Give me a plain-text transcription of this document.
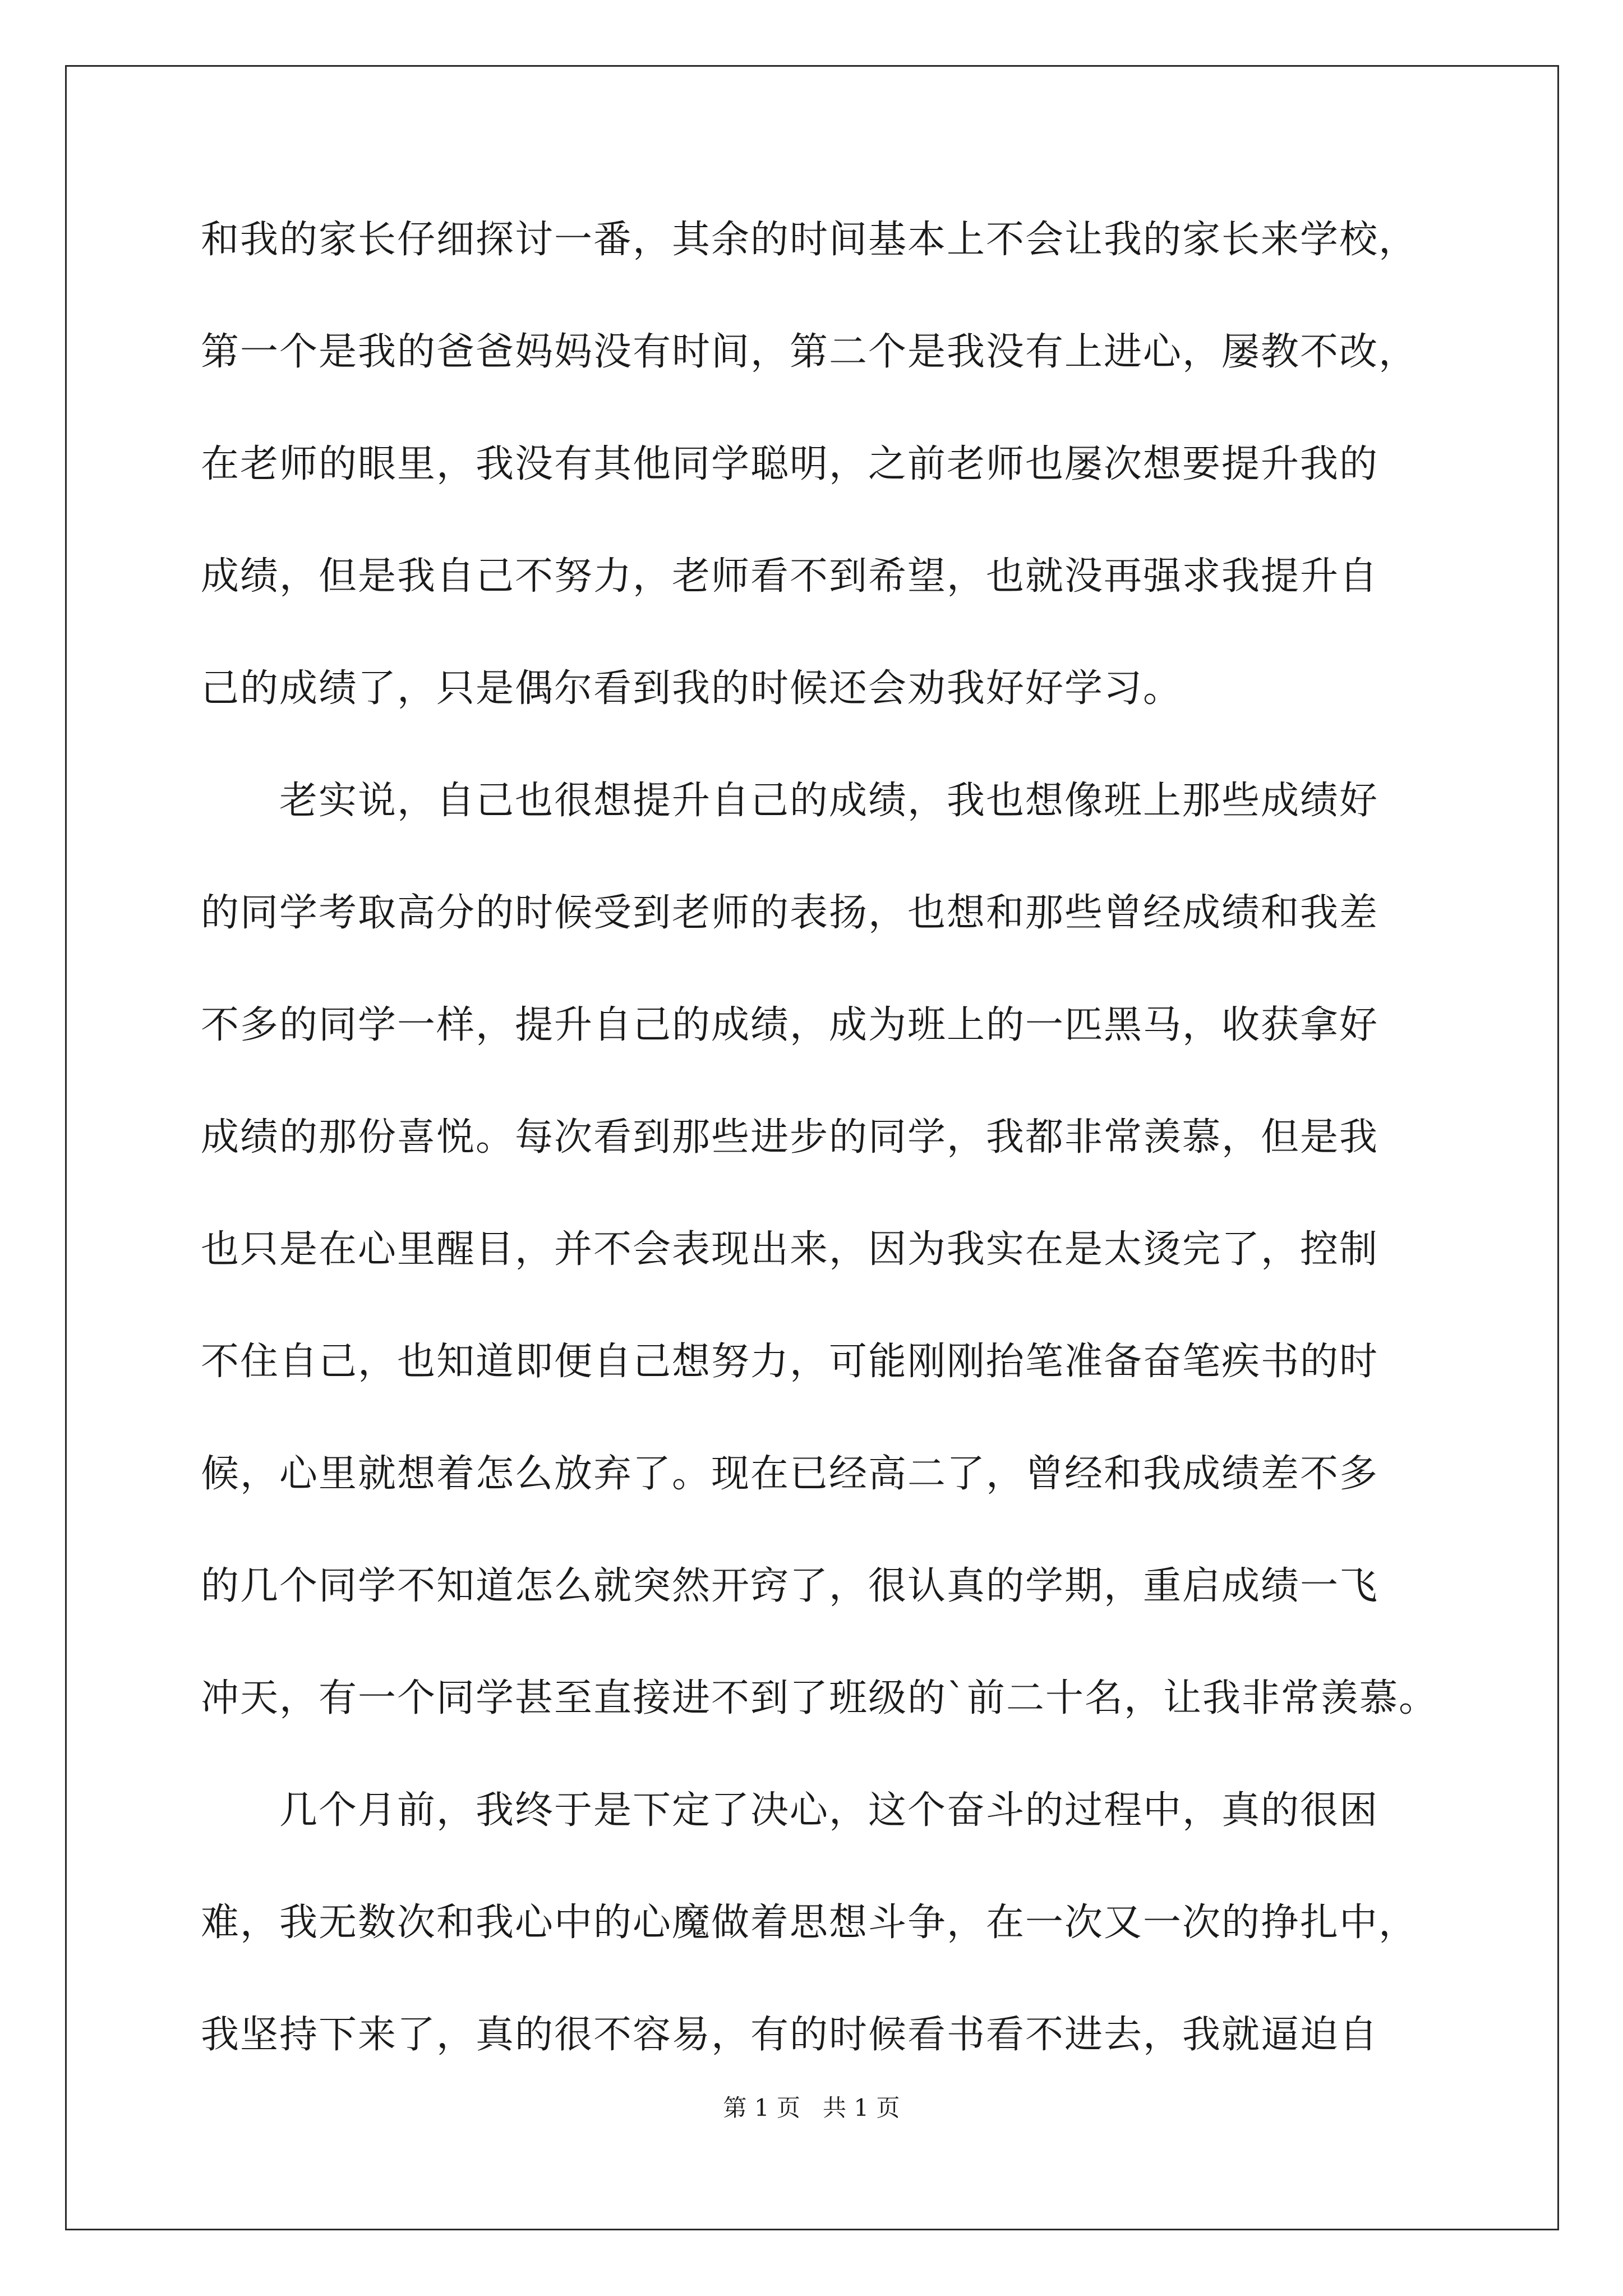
和我的家长仔细探讨一番，其余的时间基本上不会让我的家长来学校，
第一个是我的爸爸妈妈没有时间，第二个是我没有上进心，屡教不改，
在老师的眼里，我没有其他同学聪明，之前老师也屡次想要提升我的
成绩，但是我自己不努力，老师看不到希望，也就没再强求我提升自
己的成绩了，只是偶尔看到我的时候还会劝我好好学习。
老实说，自己也很想提升自己的成绩，我也想像班上那些成绩好
的同学考取高分的时候受到老师的表扬，也想和那些曾经成绩和我差
不多的同学一样，提升自己的成绩，成为班上的一匹黑马，收获拿好
成绩的那份喜悦。每次看到那些进步的同学，我都非常羡慕，但是我
也只是在心里醒目，并不会表现出来，因为我实在是太烫完了，控制
不住自己，也知道即便自己想努力，可能刚刚抬笔准备奋笔疾书的时
候，心里就想着怎么放弃了。现在已经高二了，曾经和我成绩差不多
的几个同学不知道怎么就突然开窍了，很认真的学期，重启成绩一飞
冲天，有一个同学甚至直接进不到了班级的`前二十名，让我非常羡慕。
几个月前，我终于是下定了决心，这个奋斗的过程中，真的很困
难，我无数次和我心中的心魔做着思想斗争，在一次又一次的挣扎中，
我坚持下来了，真的很不容易，有的时候看书看不进去，我就逼迫自
第 1 页   共 1 页
